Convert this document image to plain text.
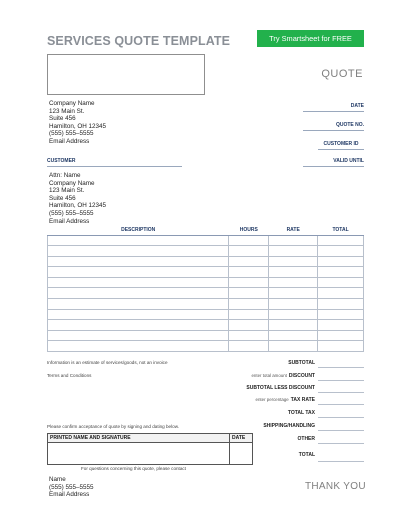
SERVICES QUOTE TEMPLATE	Try Smartsheet for FREE
QUOTE
Company Name
123 Main St.
Suite 456
Hamilton, OH 12345
(555) 555–5555
Email Address
DATE
QUOTE NO.
CUSTOMER ID
VALID UNTIL
CUSTOMER
Attn: Name
Company Name
123 Main St.
Suite 456
Hamilton, OH 12345
(555) 555–5555
Email Address
DESCRIPTION	HOURS	RATE	TOTAL

Information is an estimate of services/goods, not an invoice
Terms and Conditions
Please confirm acceptance of quote by signing and dating below.
SUBTOTAL
enter total amount DISCOUNT
SUBTOTAL LESS DISCOUNT
enter percentage TAX RATE
TOTAL TAX
SHIPPING/HANDLING
OTHER
TOTAL
PRINTED NAME AND SIGNATURE	DATE

For questions concerning this quote, please contact
Name
(555) 555–5555
Email Address
THANK YOU
